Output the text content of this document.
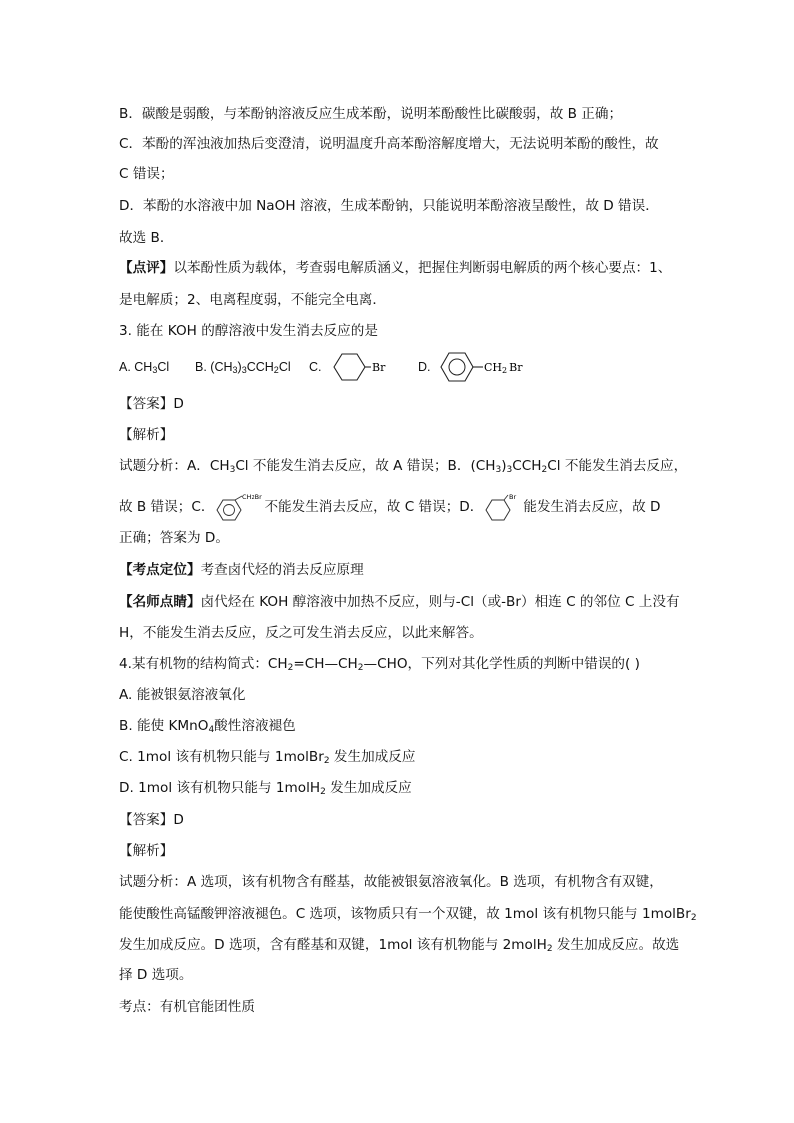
B．碳酸是弱酸，与苯酚钠溶液反应生成苯酚，说明苯酚酸性比碳酸弱，故 B 正确；
C．苯酚的浑浊液加热后变澄清，说明温度升高苯酚溶解度增大，无法说明苯酚的酸性，故
C 错误；
D．苯酚的水溶液中加 NaOH 溶液，生成苯酚钠，只能说明苯酚溶液呈酸性，故 D 错误．
故选 B．
【点评】以苯酚性质为载体，考查弱电解质涵义，把握住判断弱电解质的两个核心要点：1、
是电解质；2、电离程度弱，不能完全电离．
3. 能在 KOH 的醇溶液中发生消去反应的是
A. $CH_3Cl$ B. $(CH_3)_3CCH_2Cl$ C.	Br	D.	CH2 Br
【答案】D
【解析】
试题分析：A．$CH_3Cl$ 不能发生消去反应，故 A 错误；B．$(CH_3)_3CCH_2Cl$ 不能发生消去反应，
故 B 错误；C．
CH2Br
不能发生消去反应，故 C 错误；D．
Br
能发生消去反应，故 D
正确；答案为 D。
【考点定位】考查卤代烃的消去反应原理
【名师点睛】卤代烃在 KOH 醇溶液中加热不反应，则与-Cl（或-Br）相连 C 的邻位 C 上没有
H，不能发生消去反应，反之可发生消去反应，以此来解答。
4.某有机物的结构简式：$CH_2=CH—CH_2—CHO$，下列对其化学性质的判断中错误的( )
A. 能被银氨溶液氧化
B. 能使 KMnO$_4$酸性溶液褪色
C. 1mol 该有机物只能与 1molBr$_2$ 发生加成反应
D. 1mol 该有机物只能与 1molH$_2$ 发生加成反应
【答案】D
【解析】
试题分析：A 选项，该有机物含有醛基，故能被银氨溶液氧化。B 选项，有机物含有双键，
能使酸性高锰酸钾溶液褪色。C 选项，该物质只有一个双键，故 1mol 该有机物只能与 1molBr$_2$
发生加成反应。D 选项，含有醛基和双键，1mol 该有机物能与 2molH$_2$ 发生加成反应。故选
择 D 选项。
考点：有机官能团性质
